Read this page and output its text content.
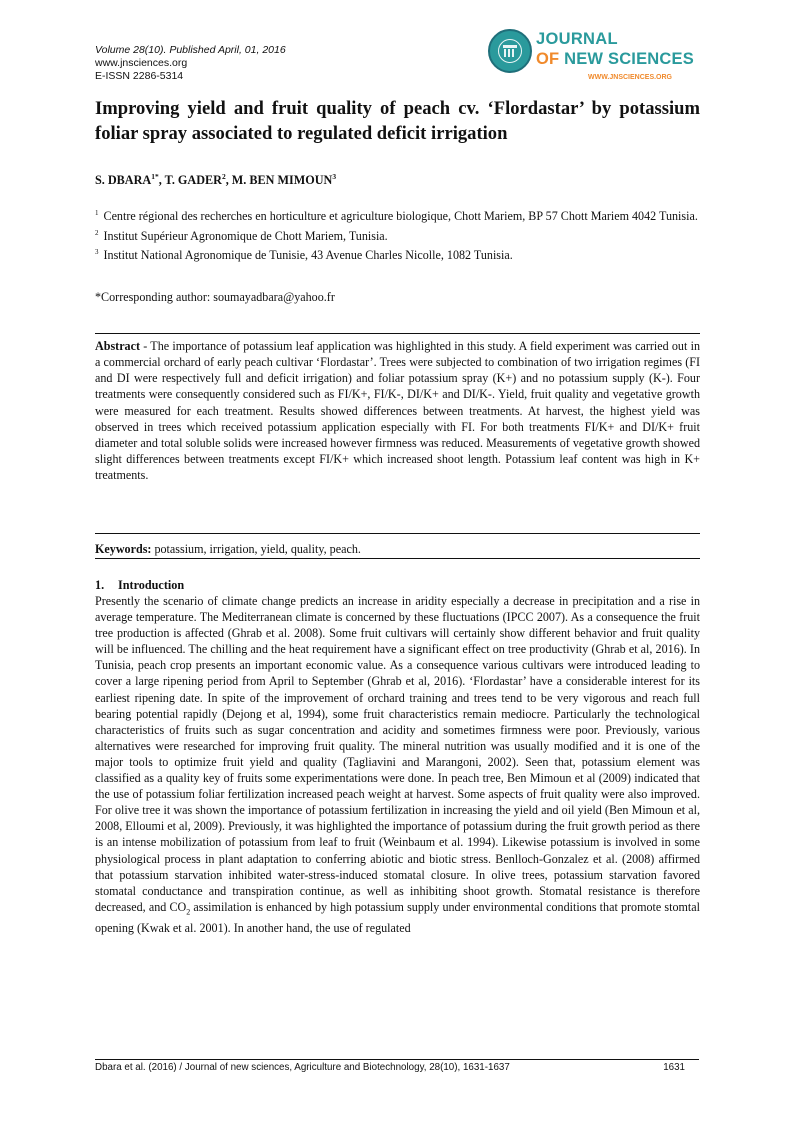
Volume 28(10). Published April, 01, 2016
www.jnsciences.org
E-ISSN 2286-5314
JOURNAL
OF NEW SCIENCES
WWW.JNSCIENCES.ORG
Improving yield and fruit quality of peach cv. ‘Flordastar’ by potassium foliar spray associated to regulated deficit irrigation
S. $DBARA^{1*}$, T. GADER$^2$, M. BEN MIMOUN$^3$

$^1$ Centre régional des recherches en horticulture et agriculture biologique, Chott Mariem, BP 57 Chott Mariem 4042 Tunisia.

$^2$ Institut Supérieur Agronomique de Chott Mariem, Tunisia.

$^3$ Institut National Agronomique de Tunisie, 43 Avenue Charles Nicolle, 1082 Tunisia.

*Corresponding author: soumayadbara@yahoo.fr

Abstract - The importance of potassium leaf application was highlighted in this study. A field experiment was carried out in a commercial orchard of early peach cultivar ‘Flordastar’. Trees were subjected to combination of two irrigation regimes (FI and DI were respectively full and deficit irrigation) and foliar potassium spray (K+) and no potassium supply (K-). Four treatments were consequently considered such as FI/K+, FI/K-, DI/K+ and DI/K-. Yield, fruit quality and vegetative growth were measured for each treatment. Results showed differences between treatments. At harvest, the highest yield was observed in trees which received potassium application especially with FI. For both treatments FI/K+ and DI/K+ fruit diameter and total soluble solids were increased however firmness was reduced. Measurements of vegetative growth showed slight differences between treatments except FI/K+ which increased shoot length. Potassium leaf content was high in K+ treatments.

Keywords: potassium, irrigation, yield, quality, peach.
1. Introduction

Presently the scenario of climate change predicts an increase in aridity especially a decrease in precipitation and a rise in average temperature. The Mediterranean climate is concerned by these fluctuations (IPCC 2007). As a consequence the fruit tree production is affected (Ghrab et al. 2008). Some fruit cultivars will certainly show different behavior and fruit quality will be influenced. The chilling and the heat requirement have a significant effect on tree productivity (Ghrab et al, 2016). In Tunisia, peach crop presents an important economic value. As a consequence various cultivars were introduced leading to cover a large ripening period from April to September (Ghrab et al, 2016). ‘Flordastar’ have a considerable interest for its earliest ripening date. In spite of the improvement of orchard training and trees tend to be very vigorous and reach full bearing potential rapidly (Dejong et al, 1994), some fruit characteristics remain mediocre. Particularly the technological characteristics of fruits such as sugar concentration and acidity and sometimes firmness were poor. Previously, various alternatives were researched for improving fruit quality. The mineral nutrition was usually modified and it is one of the major tools to optimize fruit yield and quality (Tagliavini and Marangoni, 2002). Seen that, potassium element was classified as a quality key of fruits some experimentations were done. In peach tree, Ben Mimoun et al (2009) indicated that the use of potassium foliar fertilization increased peach weight at harvest. Some aspects of fruit quality were also improved. For olive tree it was shown the importance of potassium fertilization in increasing the yield and oil yield (Ben Mimoun et al, 2008, Elloumi et al, 2009). Previously, it was highlighted the importance of potassium during the fruit growth period as there is an intense mobilization of potassium from leaf to fruit (Weinbaum et al. 1994). Likewise potassium is involved in some physiological process in plant adaptation to conferring abiotic and biotic stress. Benlloch-Gonzalez et al. (2008) affirmed that potassium starvation inhibited water-stress-induced stomatal closure. In olive trees, potassium starvation favored stomatal conductance and transpiration continue, as well as inhibiting shoot growth. Stomatal resistance is therefore decreased, and $CO_2$ assimilation is enhanced by high potassium supply under environmental conditions that promote stomtal opening (Kwak et al. 2001). In another hand, the use of regulated

Dbara et al. (2016) / Journal of new sciences, Agriculture and Biotechnology, 28(10), 1631-1637	1631
